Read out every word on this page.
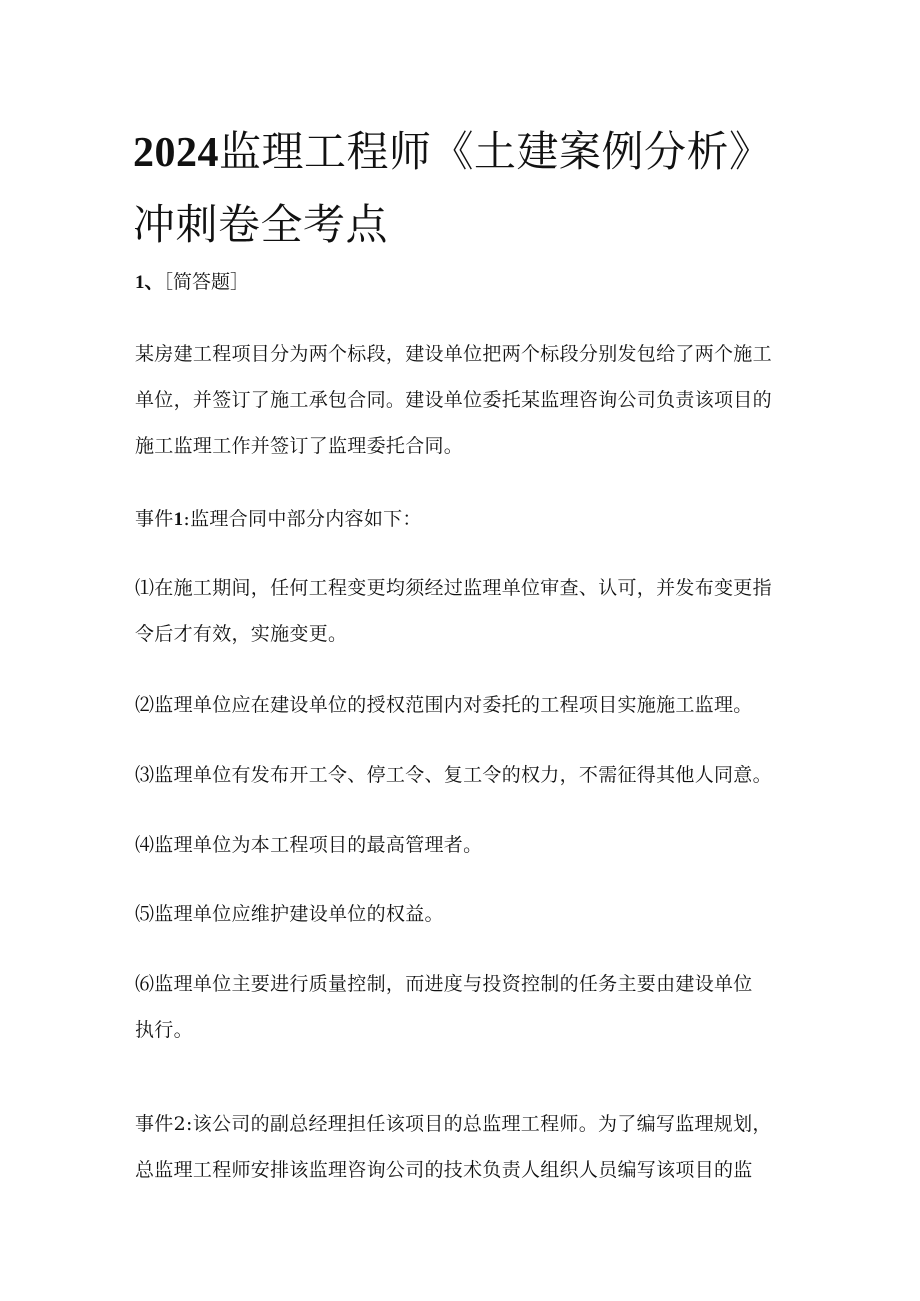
2024监理工程师《土建案例分析》
冲刺卷全考点
1、［简答题］

某房建工程项目分为两个标段，建设单位把两个标段分别发包给了两个施工
单位，并签订了施工承包合同。建设单位委托某监理咨询公司负责该项目的
施工监理工作并签订了监理委托合同。

事件1:监理合同中部分内容如下：

⑴在施工期间，任何工程变更均须经过监理单位审查、认可，并发布变更指
令后才有效，实施变更。

⑵监理单位应在建设单位的授权范围内对委托的工程项目实施施工监理。

⑶监理单位有发布开工令、停工令、复工令的权力，不需征得其他人同意。

⑷监理单位为本工程项目的最高管理者。

⑸监理单位应维护建设单位的权益。

⑹监理单位主要进行质量控制，而进度与投资控制的任务主要由建设单位
执行。

事件2:该公司的副总经理担任该项目的总监理工程师。为了编写监理规划，
总监理工程师安排该监理咨询公司的技术负责人组织人员编写该项目的监
